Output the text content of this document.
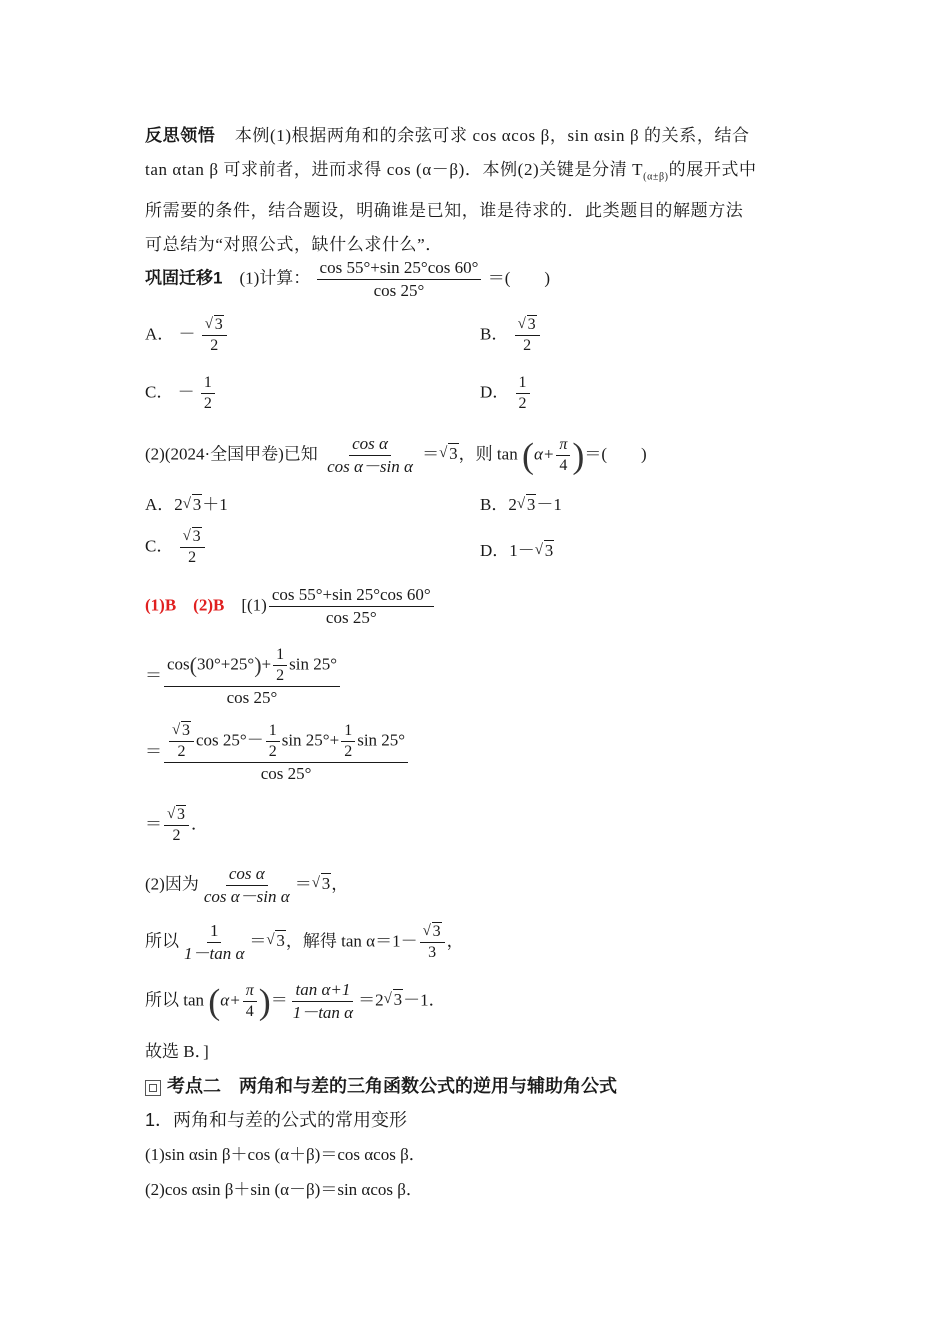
反思领悟 本例(1)根据两角和的余弦可求 cos αcos β，sin αsin β 的关系，结合
tan αtan β 可求前者，进而求得 cos (α－β)．本例(2)关键是分清 $T_{(\alpha\pm\beta)}$的展开式中
所需要的条件，结合题设，明确谁是已知，谁是待求的．此类题目的解题方法
可总结为“对照公式，缺什么求什么”．
巩固迁移1 (1)计算： $\frac{\cos 55^\circ+\sin 25^\circ\cos 60^\circ}{\cos 25^\circ}$ ＝(　　)
A． － $\frac{√ 3}{2}$	B． $\frac{√ 3}{2}$
C． － $\frac{1}{2}$	D． $\frac{1}{2}$
(2)(2024·全国甲卷)已知 $\frac{\text{cos α}}{\text{cos α－sin α}}$ ＝ √ 3，则 $\tan (\alpha+ \frac{\pi}{4}$ )＝(　　)
A．2 √ 3＋1	B．2 √ 3－1
C． $\frac{√ 3}{2}$	D．1－ √ 3
(1)B (2)B [$(1) \frac{\cos 55^\circ+\sin 25^\circ\cos 60^\circ}{\cos 25^\circ}$
＝ $\frac{\cos(30^\circ+25^\circ)+ \frac{1}{2} \sin 25^\circ}{\cos 25^\circ}$
＝ $\frac{\frac{√ 3}{2} \cos 25^\circ- \frac{1}{2} \sin 25^\circ+ \frac{1}{2} \sin 25^\circ}{\cos 25^\circ}$
＝ $\frac{√ 3}{2}$ ．
(2)因为 $\frac{\text{cos α}}{\text{cos α－sin α}}$ ＝ √ 3，
所以 $\frac{1}{\text{1－tan α}}$ ＝ √ 3，解得 $\tan \alpha=1- \frac{√ 3}{3}$ ，
所以 $\tan (\alpha+ \frac{\pi}{4}$ )＝ $\frac{\text{tan α+1}}{\text{1－tan α}} =2$ √ 3－1．
故选 B．]
考点二　两角和与差的三角函数公式的逆用与辅助角公式
1．两角和与差的公式的常用变形
(1)sin αsin β＋cos (α＋β)＝cos αcos β．
(2)cos αsin β＋sin (α－β)＝sin αcos β．
